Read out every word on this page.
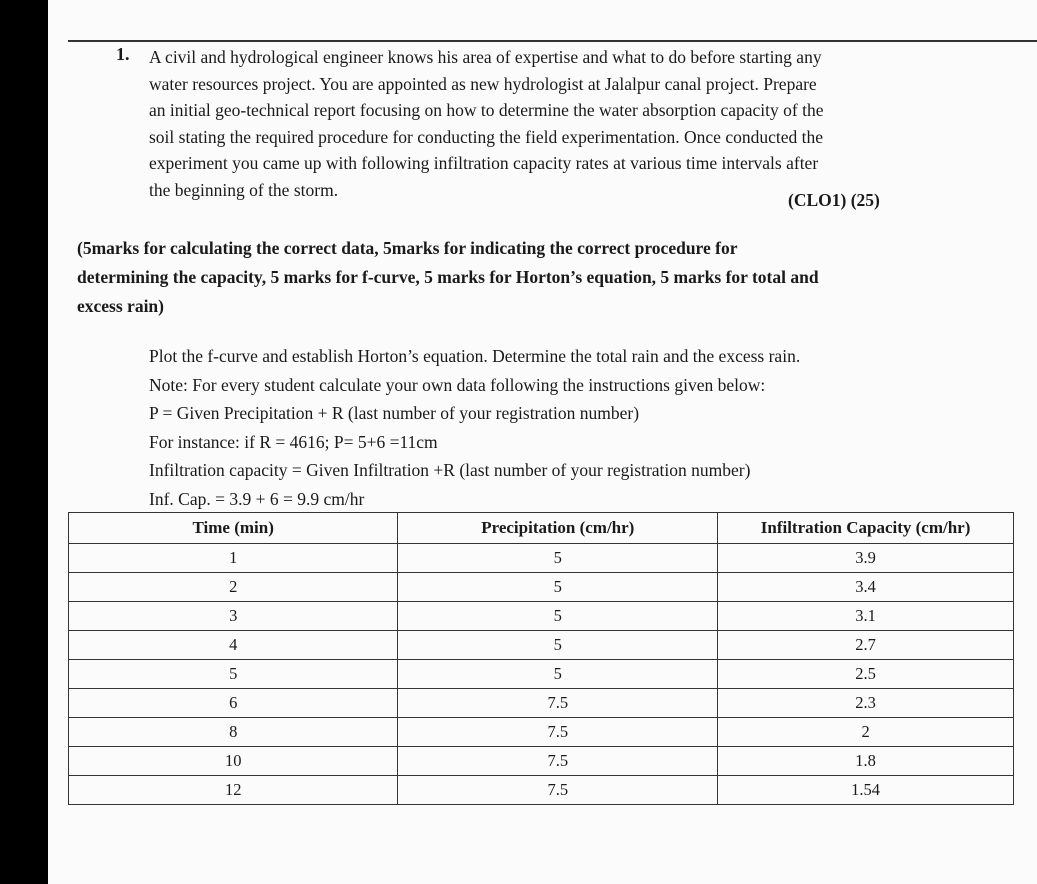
1. A civil and hydrological engineer knows his area of expertise and what to do before starting any
water resources project. You are appointed as new hydrologist at Jalalpur canal project. Prepare
an initial geo-technical report focusing on how to determine the water absorption capacity of the
soil stating the required procedure for conducting the field experimentation. Once conducted the
experiment you came up with following infiltration capacity rates at various time intervals after
the beginning of the storm.
(CLO1) (25)
(5marks for calculating the correct data, 5marks for indicating the correct procedure for
determining the capacity, 5 marks for f-curve, 5 marks for Horton’s equation, 5 marks for total and
excess rain)
Plot the f-curve and establish Horton’s equation. Determine the total rain and the excess rain.
Note: For every student calculate your own data following the instructions given below:
P = Given Precipitation + R (last number of your registration number)
For instance: if R = 4616; P= 5+6 =11cm
Infiltration capacity = Given Infiltration +R (last number of your registration number)
Inf. Cap. = 3.9 + 6 = 9.9 cm/hr
Time (min)	Precipitation (cm/hr)	Infiltration Capacity (cm/hr)
1	5	3.9
2	5	3.4
3	5	3.1
4	5	2.7
5	5	2.5
6	7.5	2.3
8	7.5	2
10	7.5	1.8
12	7.5	1.54
